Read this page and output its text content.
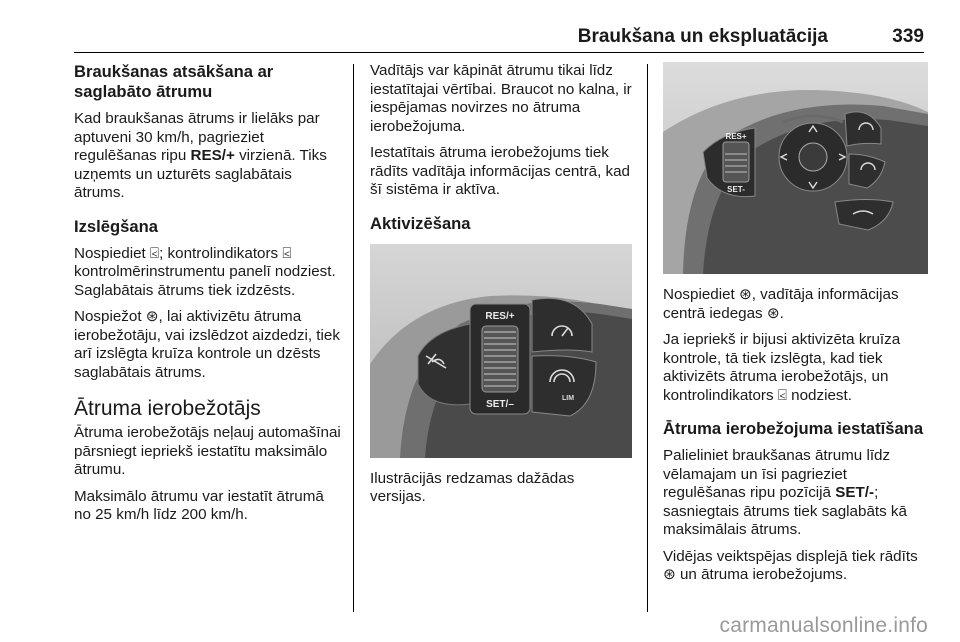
Braukšana un ekspluatācija	339
Braukšanas atsākšana ar saglabāto ātrumu

Kad braukšanas ātrums ir lielāks par aptuveni 30 km/h, pagrieziet regulēšanas ripu RES/+ virzienā. Tiks uzņemts un uzturēts saglabātais ātrums.

Izslēgšana

Nospiediet ⍃; kontrolindikators ⍃ kontrolmērinstrumentu panelī nodziest. Saglabātais ātrums tiek izdzēsts.

Nospiežot ⊛, lai aktivizētu ātruma ierobežotāju, vai izslēdzot aizdedzi, tiek arī izslēgta kruīza kontrole un dzēsts saglabātais ātrums.

Ātruma ierobežotājs

Ātruma ierobežotājs neļauj automašīnai pārsniegt iepriekš iestatītu maksimālo ātrumu.

Maksimālo ātrumu var iestatīt ātrumā no 25 km/h līdz 200 km/h.

Vadītājs var kāpināt ātrumu tikai līdz iestatītajai vērtībai. Braucot no kalna, ir iespējamas novirzes no ātruma ierobežojuma.

Iestatītais ātruma ierobežojums tiek rādīts vadītāja informācijas centrā, kad šī sistēma ir aktīva.

Aktivizēšana
RES/+
SET/–
LIM

Ilustrācijās redzamas dažādas versijas.

RES+
SET-

Nospiediet ⊛, vadītāja informācijas centrā iedegas ⊛.

Ja iepriekš ir bijusi aktivizēta kruīza kontrole, tā tiek izslēgta, kad tiek aktivizēts ātruma ierobežotājs, un kontrolindikators ⍃ nodziest.

Ātruma ierobežojuma iestatīšana

Palieliniet braukšanas ātrumu līdz vēlamajam un īsi pagrieziet regulēšanas ripu pozīcijā SET/-; sasniegtais ātrums tiek saglabāts kā maksimālais ātrums.

Vidējas veiktspējas displejā tiek rādīts ⊛ un ātruma ierobežojums.

carmanualsonline.info
